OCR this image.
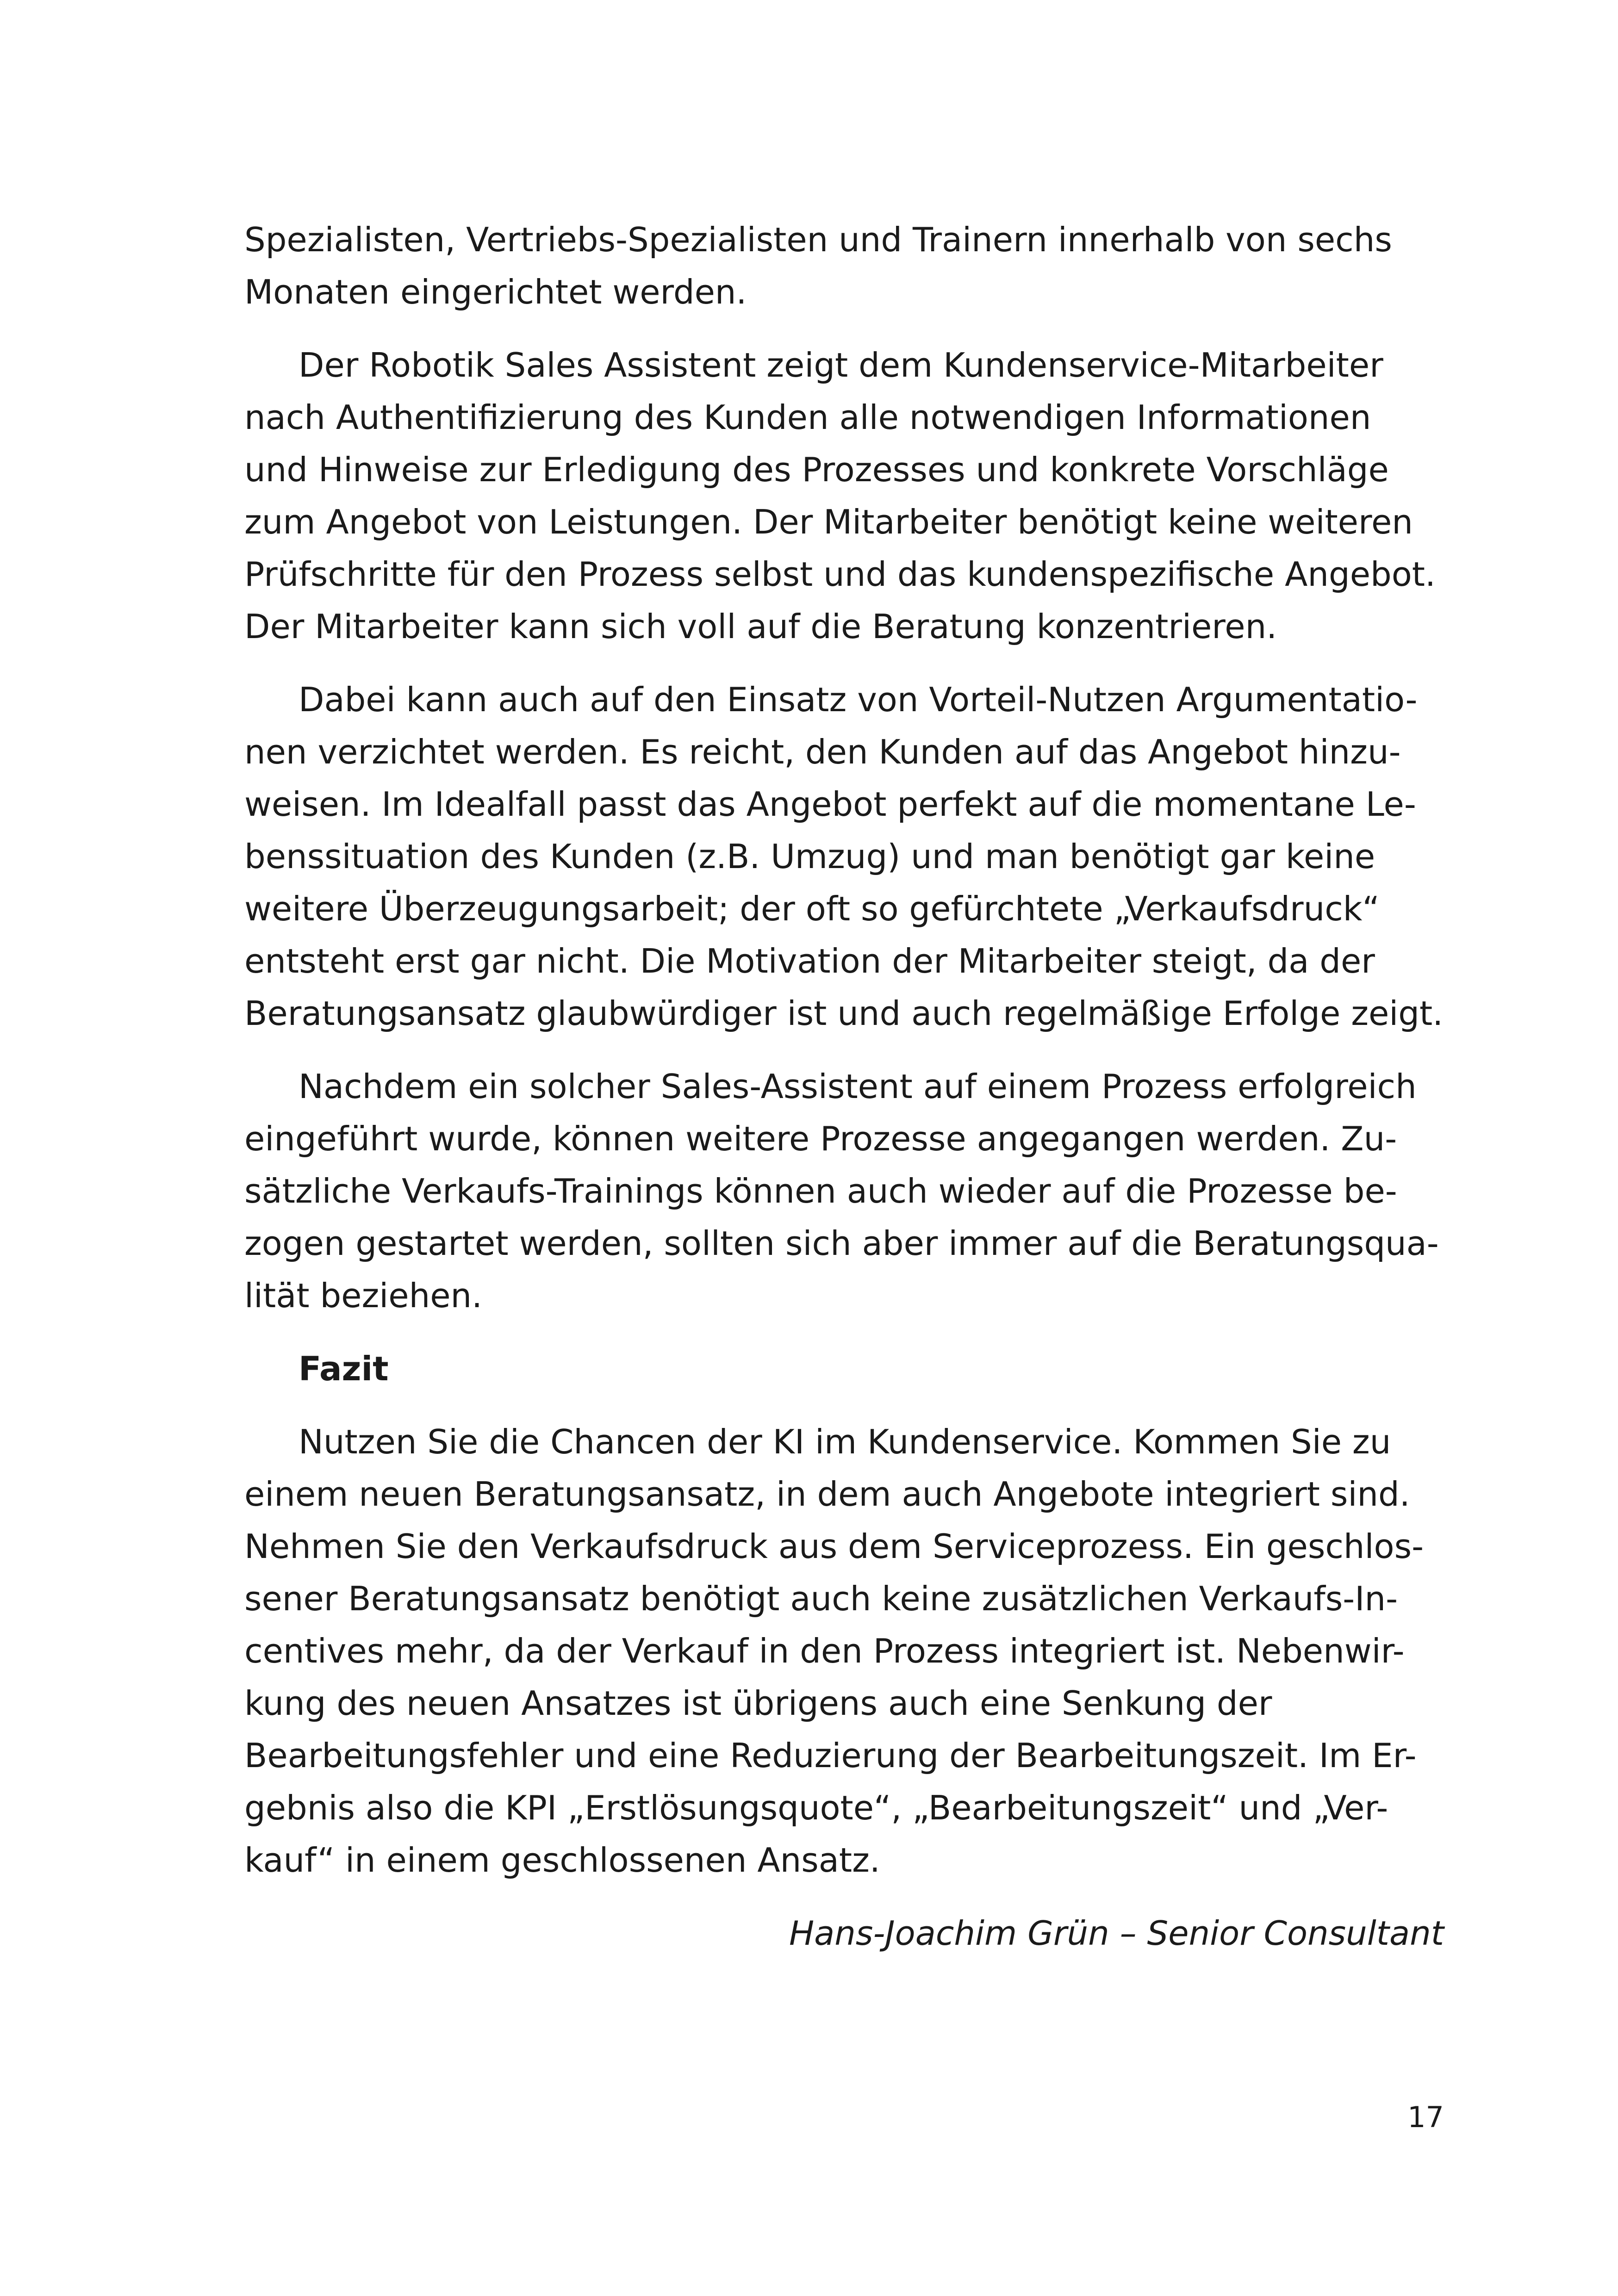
Spezialisten, Vertriebs-Spezialisten und Trainern innerhalb von sechs
Monaten eingerichtet werden.
Der Robotik Sales Assistent zeigt dem Kundenservice-Mitarbeiter
nach Authentifizierung des Kunden alle notwendigen Informationen
und Hinweise zur Erledigung des Prozesses und konkrete Vorschläge
zum Angebot von Leistungen. Der Mitarbeiter benötigt keine weiteren
Prüfschritte für den Prozess selbst und das kundenspezifische Angebot.
Der Mitarbeiter kann sich voll auf die Beratung konzentrieren.
Dabei kann auch auf den Einsatz von Vorteil-Nutzen Argumentatio-
nen verzichtet werden. Es reicht, den Kunden auf das Angebot hinzu-
weisen. Im Idealfall passt das Angebot perfekt auf die momentane Le-
benssituation des Kunden (z.B. Umzug) und man benötigt gar keine
weitere Überzeugungsarbeit; der oft so gefürchtete „Verkaufsdruck“
entsteht erst gar nicht. Die Motivation der Mitarbeiter steigt, da der
Beratungsansatz glaubwürdiger ist und auch regelmäßige Erfolge zeigt.
Nachdem ein solcher Sales-Assistent auf einem Prozess erfolgreich
eingeführt wurde, können weitere Prozesse angegangen werden. Zu-
sätzliche Verkaufs-Trainings können auch wieder auf die Prozesse be-
zogen gestartet werden, sollten sich aber immer auf die Beratungsqua-
lität beziehen.
Fazit
Nutzen Sie die Chancen der KI im Kundenservice. Kommen Sie zu
einem neuen Beratungsansatz, in dem auch Angebote integriert sind.
Nehmen Sie den Verkaufsdruck aus dem Serviceprozess. Ein geschlos-
sener Beratungsansatz benötigt auch keine zusätzlichen Verkaufs-In-
centives mehr, da der Verkauf in den Prozess integriert ist. Nebenwir-
kung des neuen Ansatzes ist übrigens auch eine Senkung der
Bearbeitungsfehler und eine Reduzierung der Bearbeitungszeit. Im Er-
gebnis also die KPI „Erstlösungsquote“, „Bearbeitungszeit“ und „Ver-
kauf“ in einem geschlossenen Ansatz.
Hans-Joachim Grün – Senior Consultant
17
